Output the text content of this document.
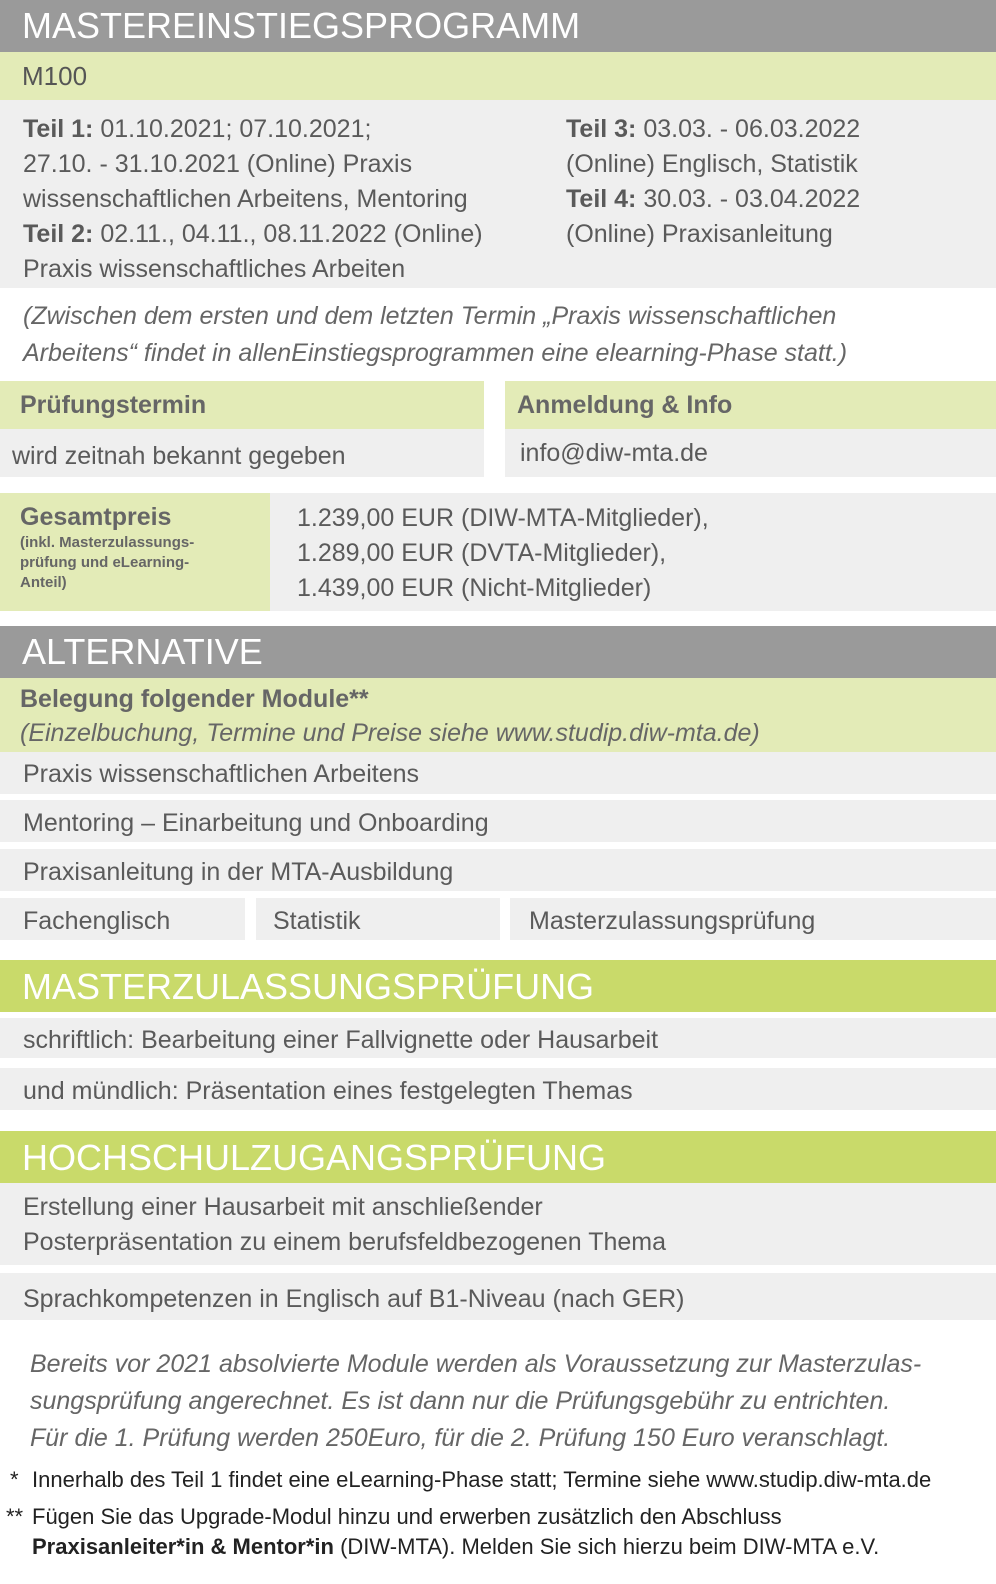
MASTEREINSTIEGSPROGRAMM
M100
Teil 1: 01.10.2021; 07.10.2021;
27.10. - 31.10.2021 (Online) Praxis
wissenschaftlichen Arbeitens, Mentoring
Teil 2: 02.11., 04.11., 08.11.2022 (Online)
Praxis wissenschaftliches Arbeiten
Teil 3: 03.03. - 06.03.2022
(Online) Englisch, Statistik
Teil 4: 30.03. - 03.04.2022
(Online) Praxisanleitung
(Zwischen dem ersten und dem letzten Termin „Praxis wissenschaftlichen
Arbeitens“ findet in allenEinstiegsprogrammen eine elearning-Phase statt.)
Prüfungstermin
wird zeitnah bekannt gegeben
Anmeldung & Info
info@diw-mta.de
Gesamtpreis
(inkl. Masterzulassungs-
prüfung und eLearning-
Anteil)
1.239,00 EUR (DIW-MTA-Mitglieder),
1.289,00 EUR (DVTA-Mitglieder),
1.439,00 EUR (Nicht-Mitglieder)
ALTERNATIVE
Belegung folgender Module**
(Einzelbuchung, Termine und Preise siehe www.studip.diw-mta.de)
Praxis wissenschaftlichen Arbeitens
Mentoring – Einarbeitung und Onboarding
Praxisanleitung in der MTA-Ausbildung
Fachenglisch	Statistik	Masterzulassungsprüfung
MASTERZULASSUNGSPRÜFUNG
schriftlich: Bearbeitung einer Fallvignette oder Hausarbeit
und mündlich: Präsentation eines festgelegten Themas
HOCHSCHULZUGANGSPRÜFUNG
Erstellung einer Hausarbeit mit anschließender
Posterpräsentation zu einem berufsfeldbezogenen Thema
Sprachkompetenzen in Englisch auf B1-Niveau (nach GER)
Bereits vor 2021 absolvierte Module werden als Voraussetzung zur Masterzulas-
sungsprüfung angerechnet. Es ist dann nur die Prüfungsgebühr zu entrichten.
Für die 1. Prüfung werden 250Euro, für die 2. Prüfung 150 Euro veranschlagt.
* Innerhalb des Teil 1 findet eine eLearning-Phase statt; Termine siehe www.studip.diw-mta.de
** Fügen Sie das Upgrade-Modul hinzu und erwerben zusätzlich den Abschluss
Praxisanleiter*in & Mentor*in (DIW-MTA). Melden Sie sich hierzu beim DIW-MTA e.V.
